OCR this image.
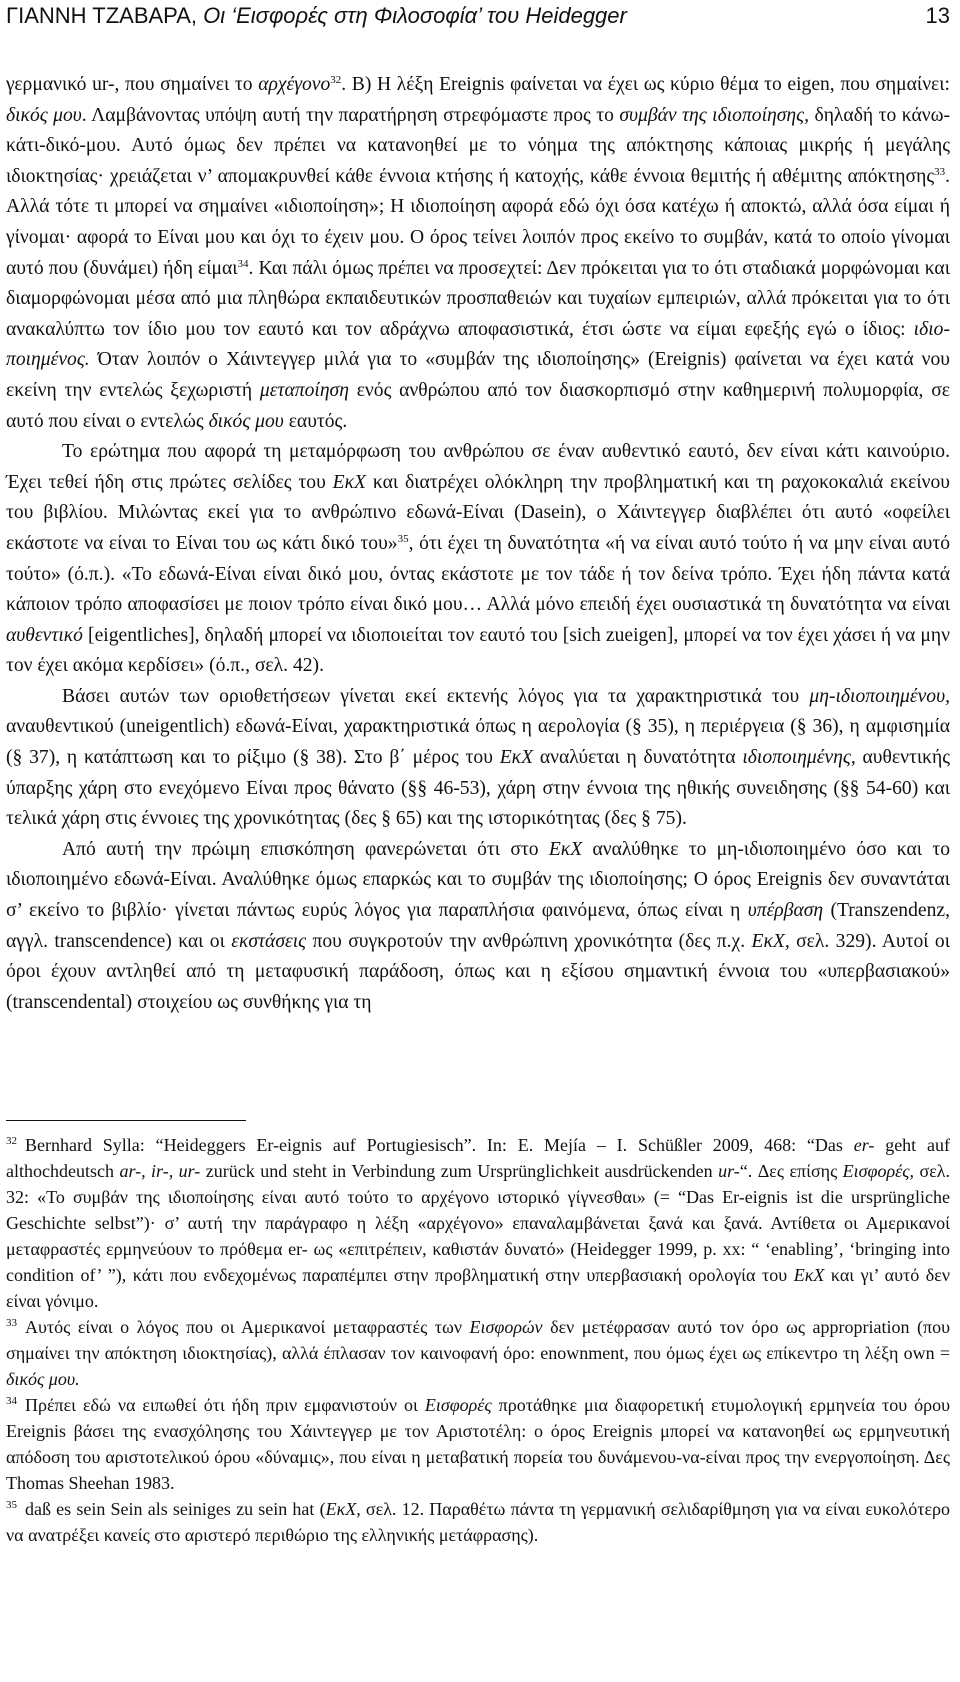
ΓΙΑΝΝΗ ΤΖΑΒΑΡΑ, Οι ‘Εισφορές στη Φιλοσοφία’ του Heidegger	13

γερμανικό ur-, που σημαίνει το αρχέγονο$^{32}$. Β) Η λέξη Ereignis φαίνεται να έχει ως κύριο θέμα το eigen, που σημαίνει: δικός μου. Λαμβάνοντας υπόψη αυτή την παρατήρηση στρεφόμαστε προς το συμβάν της ιδιοποίησης, δηλαδή το κάνω-κάτι-δικό-μου. Αυτό όμως δεν πρέπει να κατανοηθεί με το νόημα της απόκτησης κάποιας μικρής ή μεγάλης ιδιοκτησίας· χρειάζεται ν’ απομακρυνθεί κάθε έννοια κτήσης ή κατοχής, κάθε έννοια θεμιτής ή αθέμιτης απόκτησης$^{33}$. Αλλά τότε τι μπορεί να σημαίνει «ιδιοποίηση»; Η ιδιοποίηση αφορά εδώ όχι όσα κατέχω ή αποκτώ, αλλά όσα είμαι ή γίνομαι· αφορά το Είναι μου και όχι το έχειν μου. Ο όρος τείνει λοιπόν προς εκείνο το συμβάν, κατά το οποίο γίνομαι αυτό που (δυνάμει) ήδη είμαι$^{34}$. Και πάλι όμως πρέπει να προσεχτεί: Δεν πρόκειται για το ότι σταδιακά μορφώνομαι και διαμορφώνομαι μέσα από μια πληθώρα εκπαιδευτικών προσπαθειών και τυχαίων εμπειριών, αλλά πρόκειται για το ότι ανακαλύπτω τον ίδιο μου τον εαυτό και τον αδράχνω αποφασιστικά, έτσι ώστε να είμαι εφεξής εγώ ο ίδιος: ιδιο-ποιημένος. Όταν λοιπόν ο Χάιντεγγερ μιλά για το «συμβάν της ιδιοποίησης» (Ereignis) φαίνεται να έχει κατά νου εκείνη την εντελώς ξεχωριστή μεταποίηση ενός ανθρώπου από τον διασκορπισμό στην καθημερινή πολυμορφία, σε αυτό που είναι ο εντελώς δικός μου εαυτός.

Το ερώτημα που αφορά τη μεταμόρφωση του ανθρώπου σε έναν αυθεντικό εαυτό, δεν είναι κάτι καινούριο. Έχει τεθεί ήδη στις πρώτες σελίδες του ΕκΧ και διατρέχει ολόκληρη την προβληματική και τη ραχοκοκαλιά εκείνου του βιβλίου. Μιλώντας εκεί για το ανθρώπινο εδωνά-Είναι (Dasein), ο Χάιντεγγερ διαβλέπει ότι αυτό «οφείλει εκάστοτε να είναι το Είναι του ως κάτι δικό του»$^{35}$, ότι έχει τη δυνατότητα «ή να είναι αυτό τούτο ή να μην είναι αυτό τούτο» (ό.π.). «Το εδωνά-Είναι είναι δικό μου, όντας εκάστοτε με τον τάδε ή τον δείνα τρόπο. Έχει ήδη πάντα κατά κάποιον τρόπο αποφασίσει με ποιον τρόπο είναι δικό μου… Αλλά μόνο επειδή έχει ουσιαστικά τη δυνατότητα να είναι αυθεντικό [eigentliches], δηλαδή μπορεί να ιδιοποιείται τον εαυτό του [sich zueigen], μπορεί να τον έχει χάσει ή να μην τον έχει ακόμα κερδίσει» (ό.π., σελ. 42).

Βάσει αυτών των οριοθετήσεων γίνεται εκεί εκτενής λόγος για τα χαρακτηριστικά του μη-ιδιοποιημένου, αναυθεντικού (uneigentlich) εδωνά-Είναι, χαρακτηριστικά όπως η αερολογία (§ 35), η περιέργεια (§ 36), η αμφισημία (§ 37), η κατάπτωση και το ρίξιμο (§ 38). Στο β΄ μέρος του ΕκΧ αναλύεται η δυνατότητα ιδιοποιημένης, αυθεντικής ύπαρξης χάρη στο ενεχόμενο Είναι προς θάνατο (§§ 46-53), χάρη στην έννοια της ηθικής συνειδησης (§§ 54-60) και τελικά χάρη στις έννοιες της χρονικότητας (δες § 65) και της ιστορικότητας (δες § 75).

Από αυτή την πρώιμη επισκόπηση φανερώνεται ότι στο ΕκΧ αναλύθηκε το μη-ιδιοποιημένο όσο και το ιδιοποιημένο εδωνά-Είναι. Αναλύθηκε όμως επαρκώς και το συμβάν της ιδιοποίησης; Ο όρος Ereignis δεν συναντάται σ’ εκείνο το βιβλίο· γίνεται πάντως ευρύς λόγος για παραπλήσια φαινόμενα, όπως είναι η υπέρβαση (Transzendenz, αγγλ. transcendence) και οι εκστάσεις που συγκροτούν την ανθρώπινη χρονικότητα (δες π.χ. ΕκΧ, σελ. 329). Αυτοί οι όροι έχουν αντληθεί από τη μεταφυσική παράδοση, όπως και η εξίσου σημαντική έννοια του «υπερβασιακού» (transcendental) στοιχείου ως συνθήκης για τη

$^{32}$ Bernhard Sylla: “Heideggers Er-eignis auf Portugiesisch”. In: E. Mejía – I. Schüßler 2009, 468: “Das er- geht auf althochdeutsch ar-, ir-, ur- zurück und steht in Verbindung zum Ursprünglichkeit ausdrückenden ur-“. Δες επίσης Εισφορές, σελ. 32: «Το συμβάν της ιδιοποίησης είναι αυτό τούτο το αρχέγονο ιστορικό γίγνεσθαι» (= “Das Er-eignis ist die ursprüngliche Geschichte selbst”)· σ’ αυτή την παράγραφο η λέξη «αρχέγονο» επαναλαμβάνεται ξανά και ξανά. Αντίθετα οι Αμερικανοί μεταφραστές ερμηνεύουν το πρόθεμα er- ως «επιτρέπειν, καθιστάν δυνατό» (Heidegger 1999, p. xx: “ ‘enabling’, ‘bringing into condition of’ ”), κάτι που ενδεχομένως παραπέμπει στην προβληματική στην υπερβασιακή ορολογία του ΕκΧ και γι’ αυτό δεν είναι γόνιμο.

$^{33}$ Αυτός είναι ο λόγος που οι Αμερικανοί μεταφραστές των Εισφορών δεν μετέφρασαν αυτό τον όρο ως appropriation (που σημαίνει την απόκτηση ιδιοκτησίας), αλλά έπλασαν τον καινοφανή όρο: enownment, που όμως έχει ως επίκεντρο τη λέξη own = δικός μου.

$^{34}$ Πρέπει εδώ να ειπωθεί ότι ήδη πριν εμφανιστούν οι Εισφορές προτάθηκε μια διαφορετική ετυμολογική ερμηνεία του όρου Ereignis βάσει της ενασχόλησης του Χάιντεγγερ με τον Αριστοτέλη: ο όρος Ereignis μπορεί να κατανοηθεί ως ερμηνευτική απόδοση του αριστοτελικού όρου «δύναμις», που είναι η μεταβατική πορεία του δυνάμενου-να-είναι προς την ενεργοποίηση. Δες Thomas Sheehan 1983.

$^{35}$ daß es sein Sein als seiniges zu sein hat (ΕκΧ, σελ. 12. Παραθέτω πάντα τη γερμανική σελιδαρίθμηση για να είναι ευκολότερο να ανατρέξει κανείς στο αριστερό περιθώριο της ελληνικής μετάφρασης).
